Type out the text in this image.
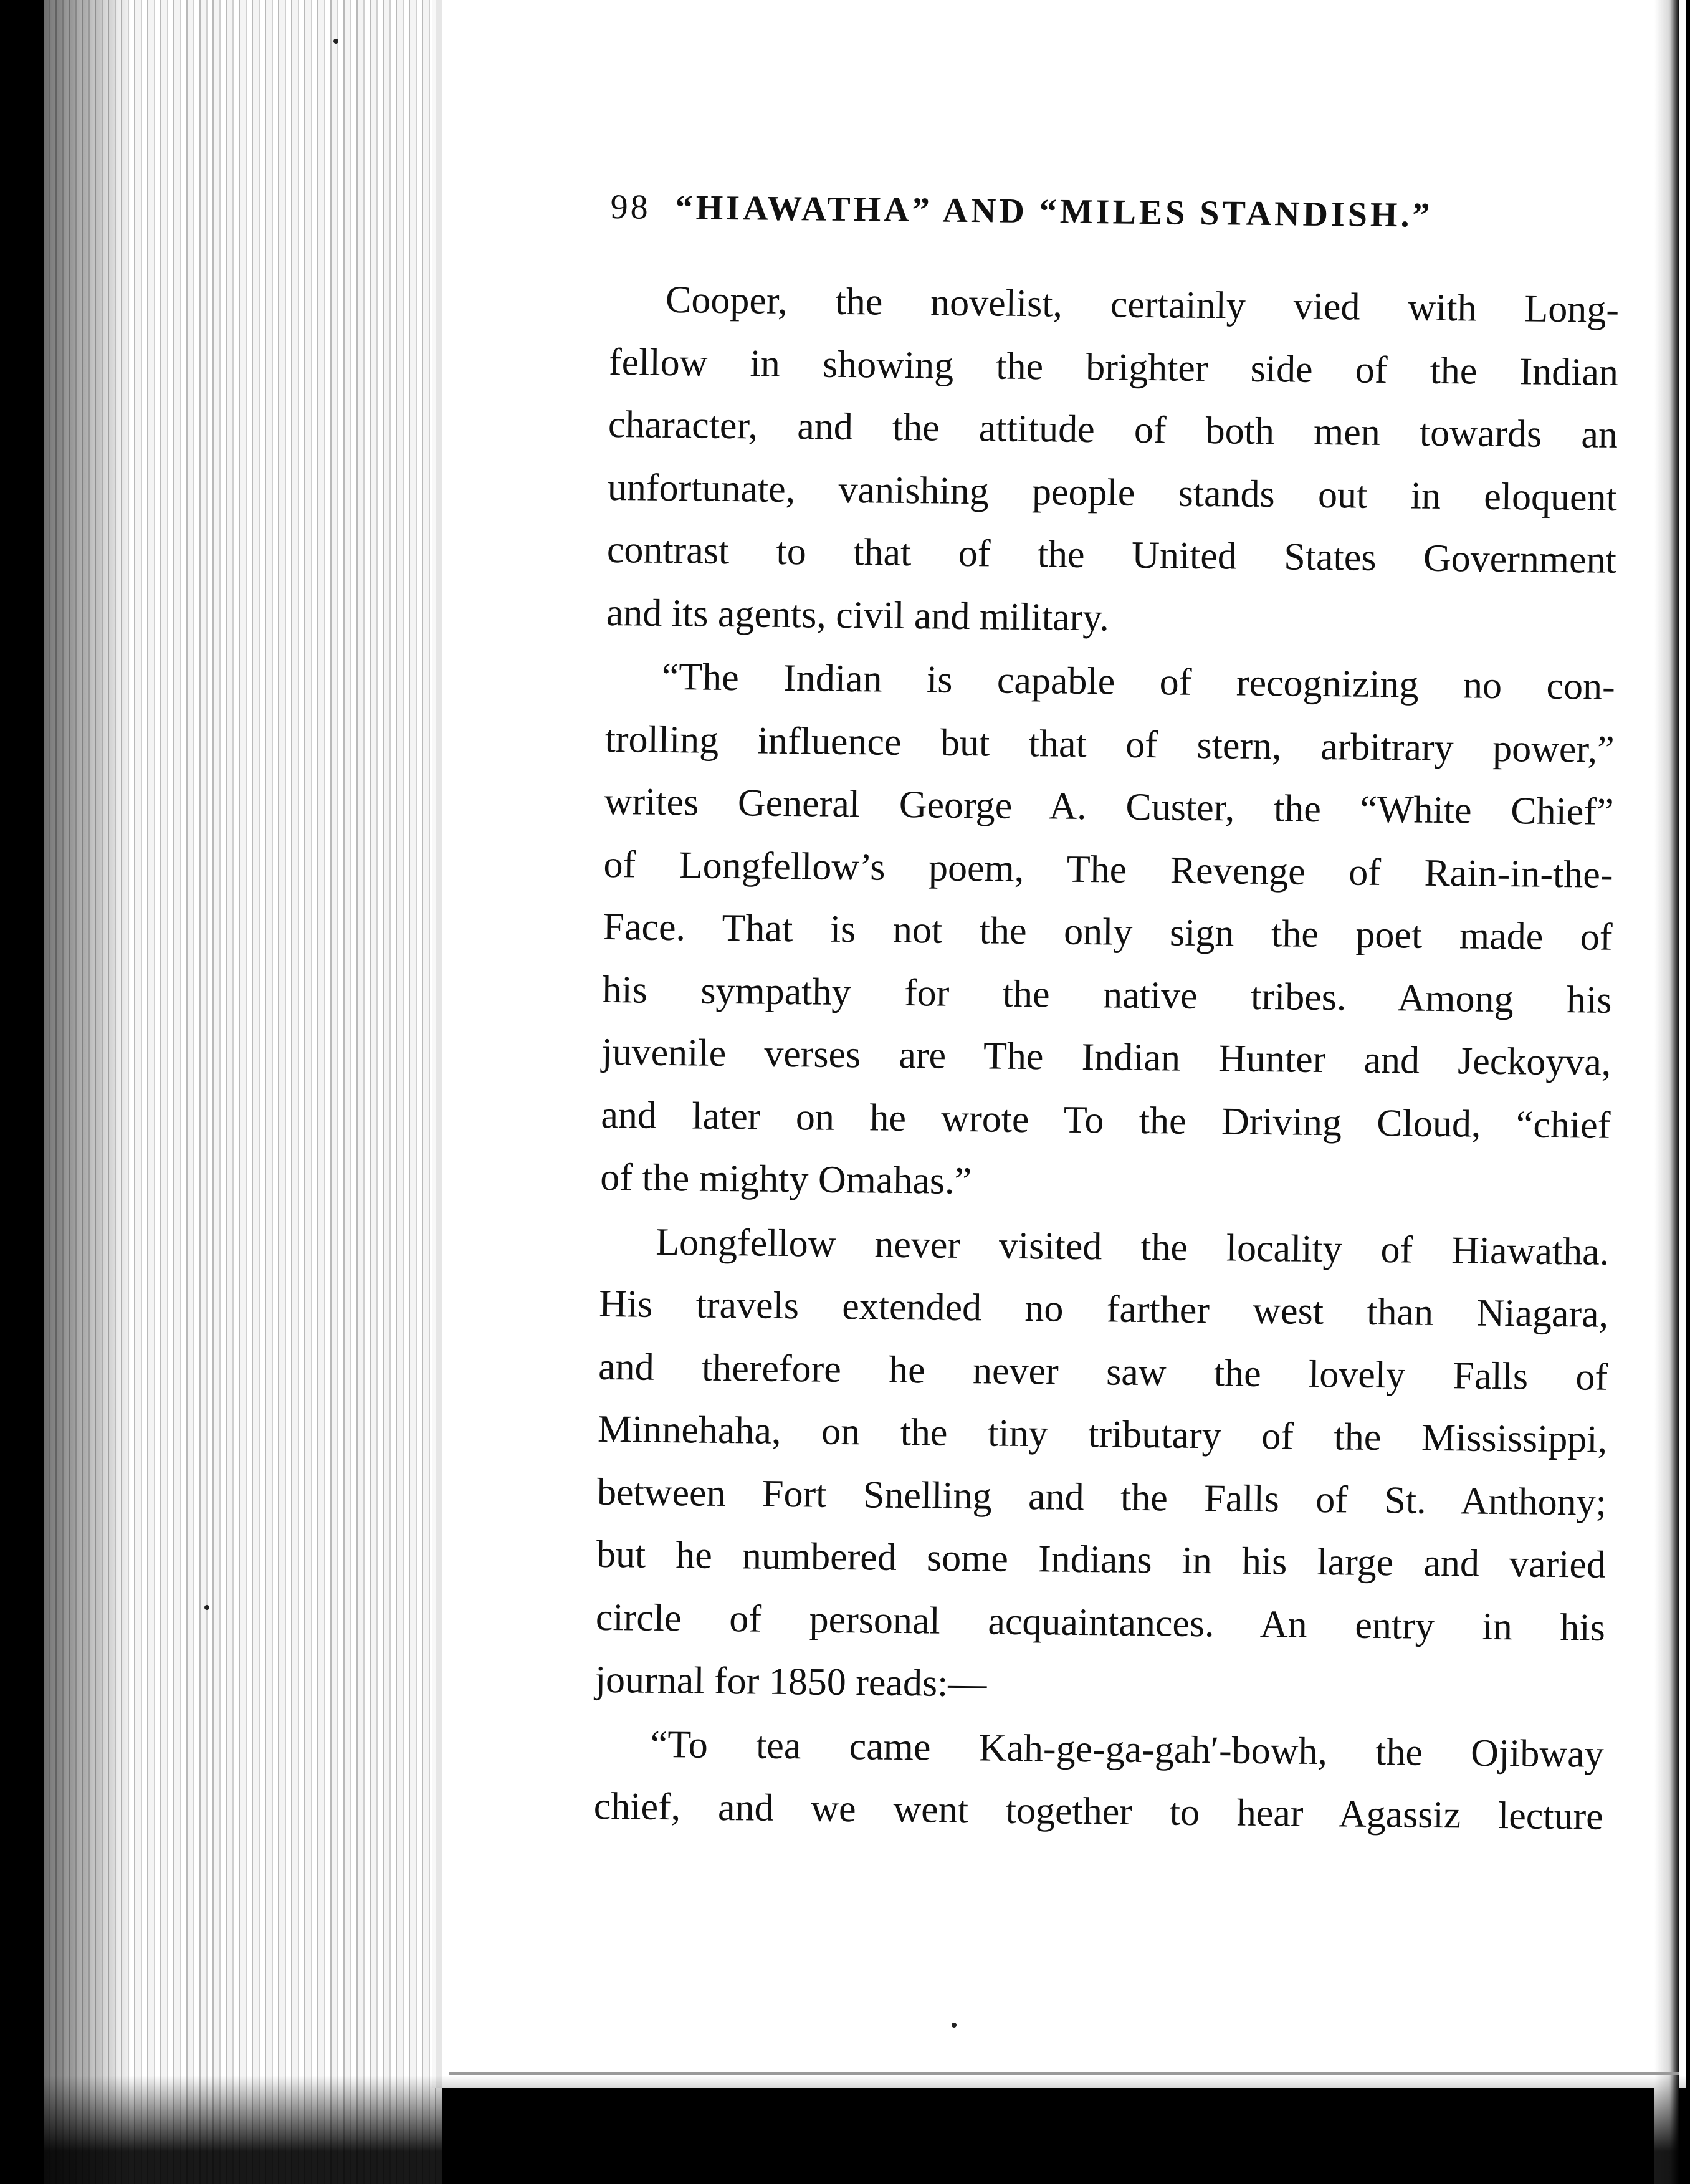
98 “HIAWATHA” AND “MILES STANDISH.”

Cooper, the novelist, certainly vied with Long-
fellow in showing the brighter side of the Indian
character, and the attitude of both men towards an
unfortunate, vanishing people stands out in eloquent
contrast to that of the United States Government
and its agents, civil and military.

“The Indian is capable of recognizing no con-
trolling influence but that of stern, arbitrary power,”
writes General George A. Custer, the “White Chief”
of Longfellow’s poem, The Revenge of Rain-in-the-
Face. That is not the only sign the poet made of
his sympathy for the native tribes. Among his
juvenile verses are The Indian Hunter and Jeckoyva,
and later on he wrote To the Driving Cloud, “chief
of the mighty Omahas.”

Longfellow never visited the locality of Hiawatha.
His travels extended no farther west than Niagara,
and therefore he never saw the lovely Falls of
Minnehaha, on the tiny tributary of the Mississippi,
between Fort Snelling and the Falls of St. Anthony;
but he numbered some Indians in his large and varied
circle of personal acquaintances. An entry in his
journal for 1850 reads:—

“To tea came Kah-ge-ga-gah′-bowh, the Ojibway
chief, and we went together to hear Agassiz lecture
